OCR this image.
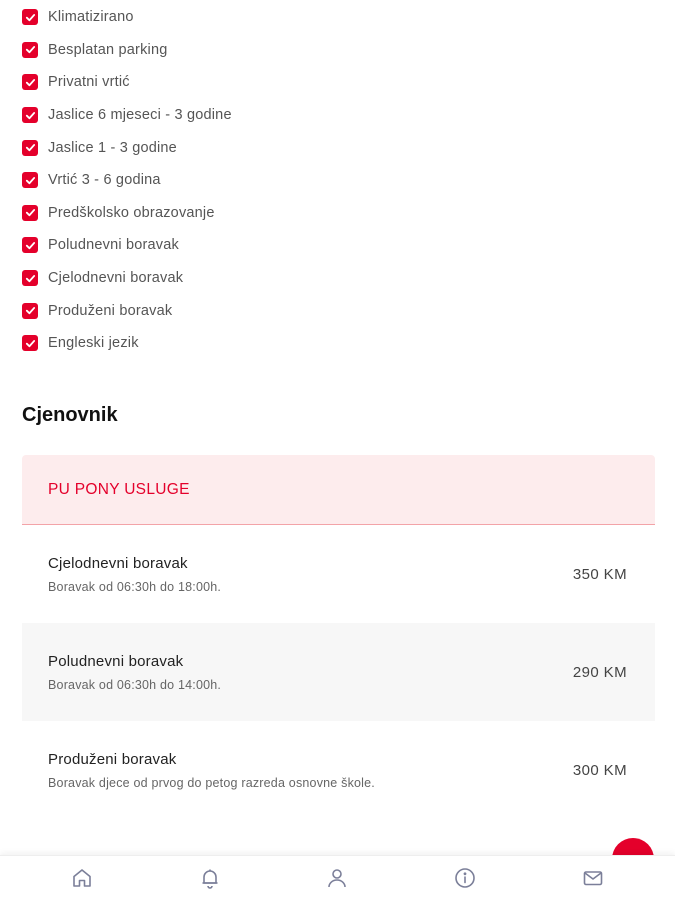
Klimatizirano
Besplatan parking
Privatni vrtić
Jaslice 6 mjeseci - 3 godine
Jaslice 1 - 3 godine
Vrtić 3 - 6 godina
Predškolsko obrazovanje
Poludnevni boravak
Cjelodnevni boravak
Produženi boravak
Engleski jezik
Cjenovnik
PU PONY USLUGE
Cjelodnevni boravak
Boravak od 06:30h do 18:00h.
350 KM
Poludnevni boravak
Boravak od 06:30h do 14:00h.
290 KM
Produženi boravak
Boravak djece od prvog do petog razreda osnovne škole.
300 KM
